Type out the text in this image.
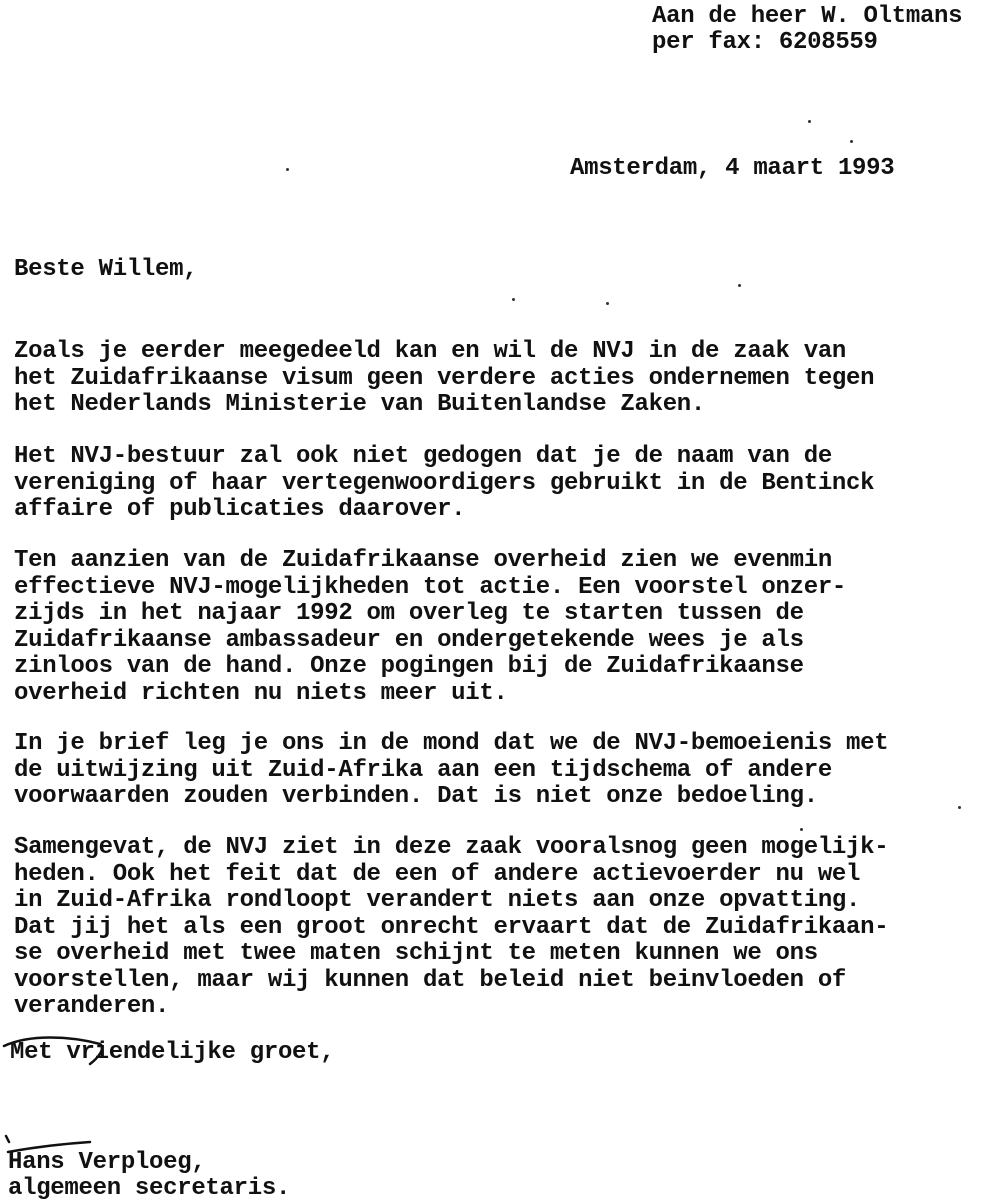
Aan de heer W. Oltmans
per fax: 6208559
Amsterdam, 4 maart 1993
Beste Willem,
Zoals je eerder meegedeeld kan en wil de NVJ in de zaak van
het Zuidafrikaanse visum geen verdere acties ondernemen tegen
het Nederlands Ministerie van Buitenlandse Zaken.
Het NVJ-bestuur zal ook niet gedogen dat je de naam van de
vereniging of haar vertegenwoordigers gebruikt in de Bentinck
affaire of publicaties daarover.
Ten aanzien van de Zuidafrikaanse overheid zien we evenmin
effectieve NVJ-mogelijkheden tot actie. Een voorstel onzer-
zijds in het najaar 1992 om overleg te starten tussen de
Zuidafrikaanse ambassadeur en ondergetekende wees je als
zinloos van de hand. Onze pogingen bij de Zuidafrikaanse
overheid richten nu niets meer uit.
In je brief leg je ons in de mond dat we de NVJ-bemoeienis met
de uitwijzing uit Zuid-Afrika aan een tijdschema of andere
voorwaarden zouden verbinden. Dat is niet onze bedoeling.
Samengevat, de NVJ ziet in deze zaak vooralsnog geen mogelijk-
heden. Ook het feit dat de een of andere actievoerder nu wel
in Zuid-Afrika rondloopt verandert niets aan onze opvatting.
Dat jij het als een groot onrecht ervaart dat de Zuidafrikaan-
se overheid met twee maten schijnt te meten kunnen we ons
voorstellen, maar wij kunnen dat beleid niet beinvloeden of
veranderen.
Met vriendelijke groet,
Hans Verploeg,
algemeen secretaris.
